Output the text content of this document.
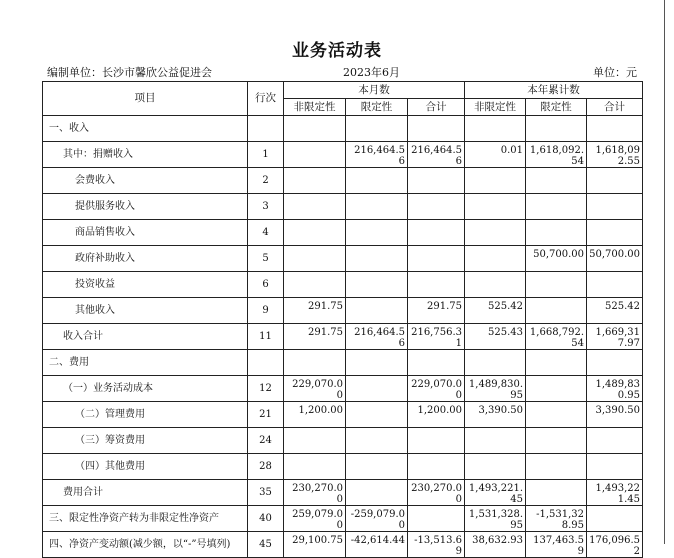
业务活动表
编制单位：长沙市馨欣公益促进会	2023年6月	单位：元
项目	行次	本月数			本年累计数		
		非限定性	限定性	合计	非限定性	限定性	合计
一、收入							
其中：捐赠收入	1		216,464.56	216,464.56	0.01	1,618,092.54	1,618,092.55
会费收入	2						
提供服务收入	3						
商品销售收入	4						
政府补助收入	5					50,700.00	50,700.00
投资收益	6						
其他收入	9	291.75		291.75	525.42		525.42
收入合计	11	291.75	216,464.56	216,756.31	525.43	1,668,792.54	1,669,317.97
二、费用							
（一）业务活动成本	12	229,070.00		229,070.00	1,489,830.95		1,489,830.95
（二）管理费用	21	1,200.00		1,200.00	3,390.50		3,390.50
（三）筹资费用	24						
（四）其他费用	28						
费用合计	35	230,270.00		230,270.00	1,493,221.45		1,493,221.45
三、限定性净资产转为非限定性净资产	40	259,079.00	-259,079.00		1,531,328.95	-1,531,328.95	
四、净资产变动额(减少额，以“-”号填列)	45	29,100.75	-42,614.44	-13,513.69	38,632.93	137,463.59	176,096.52
